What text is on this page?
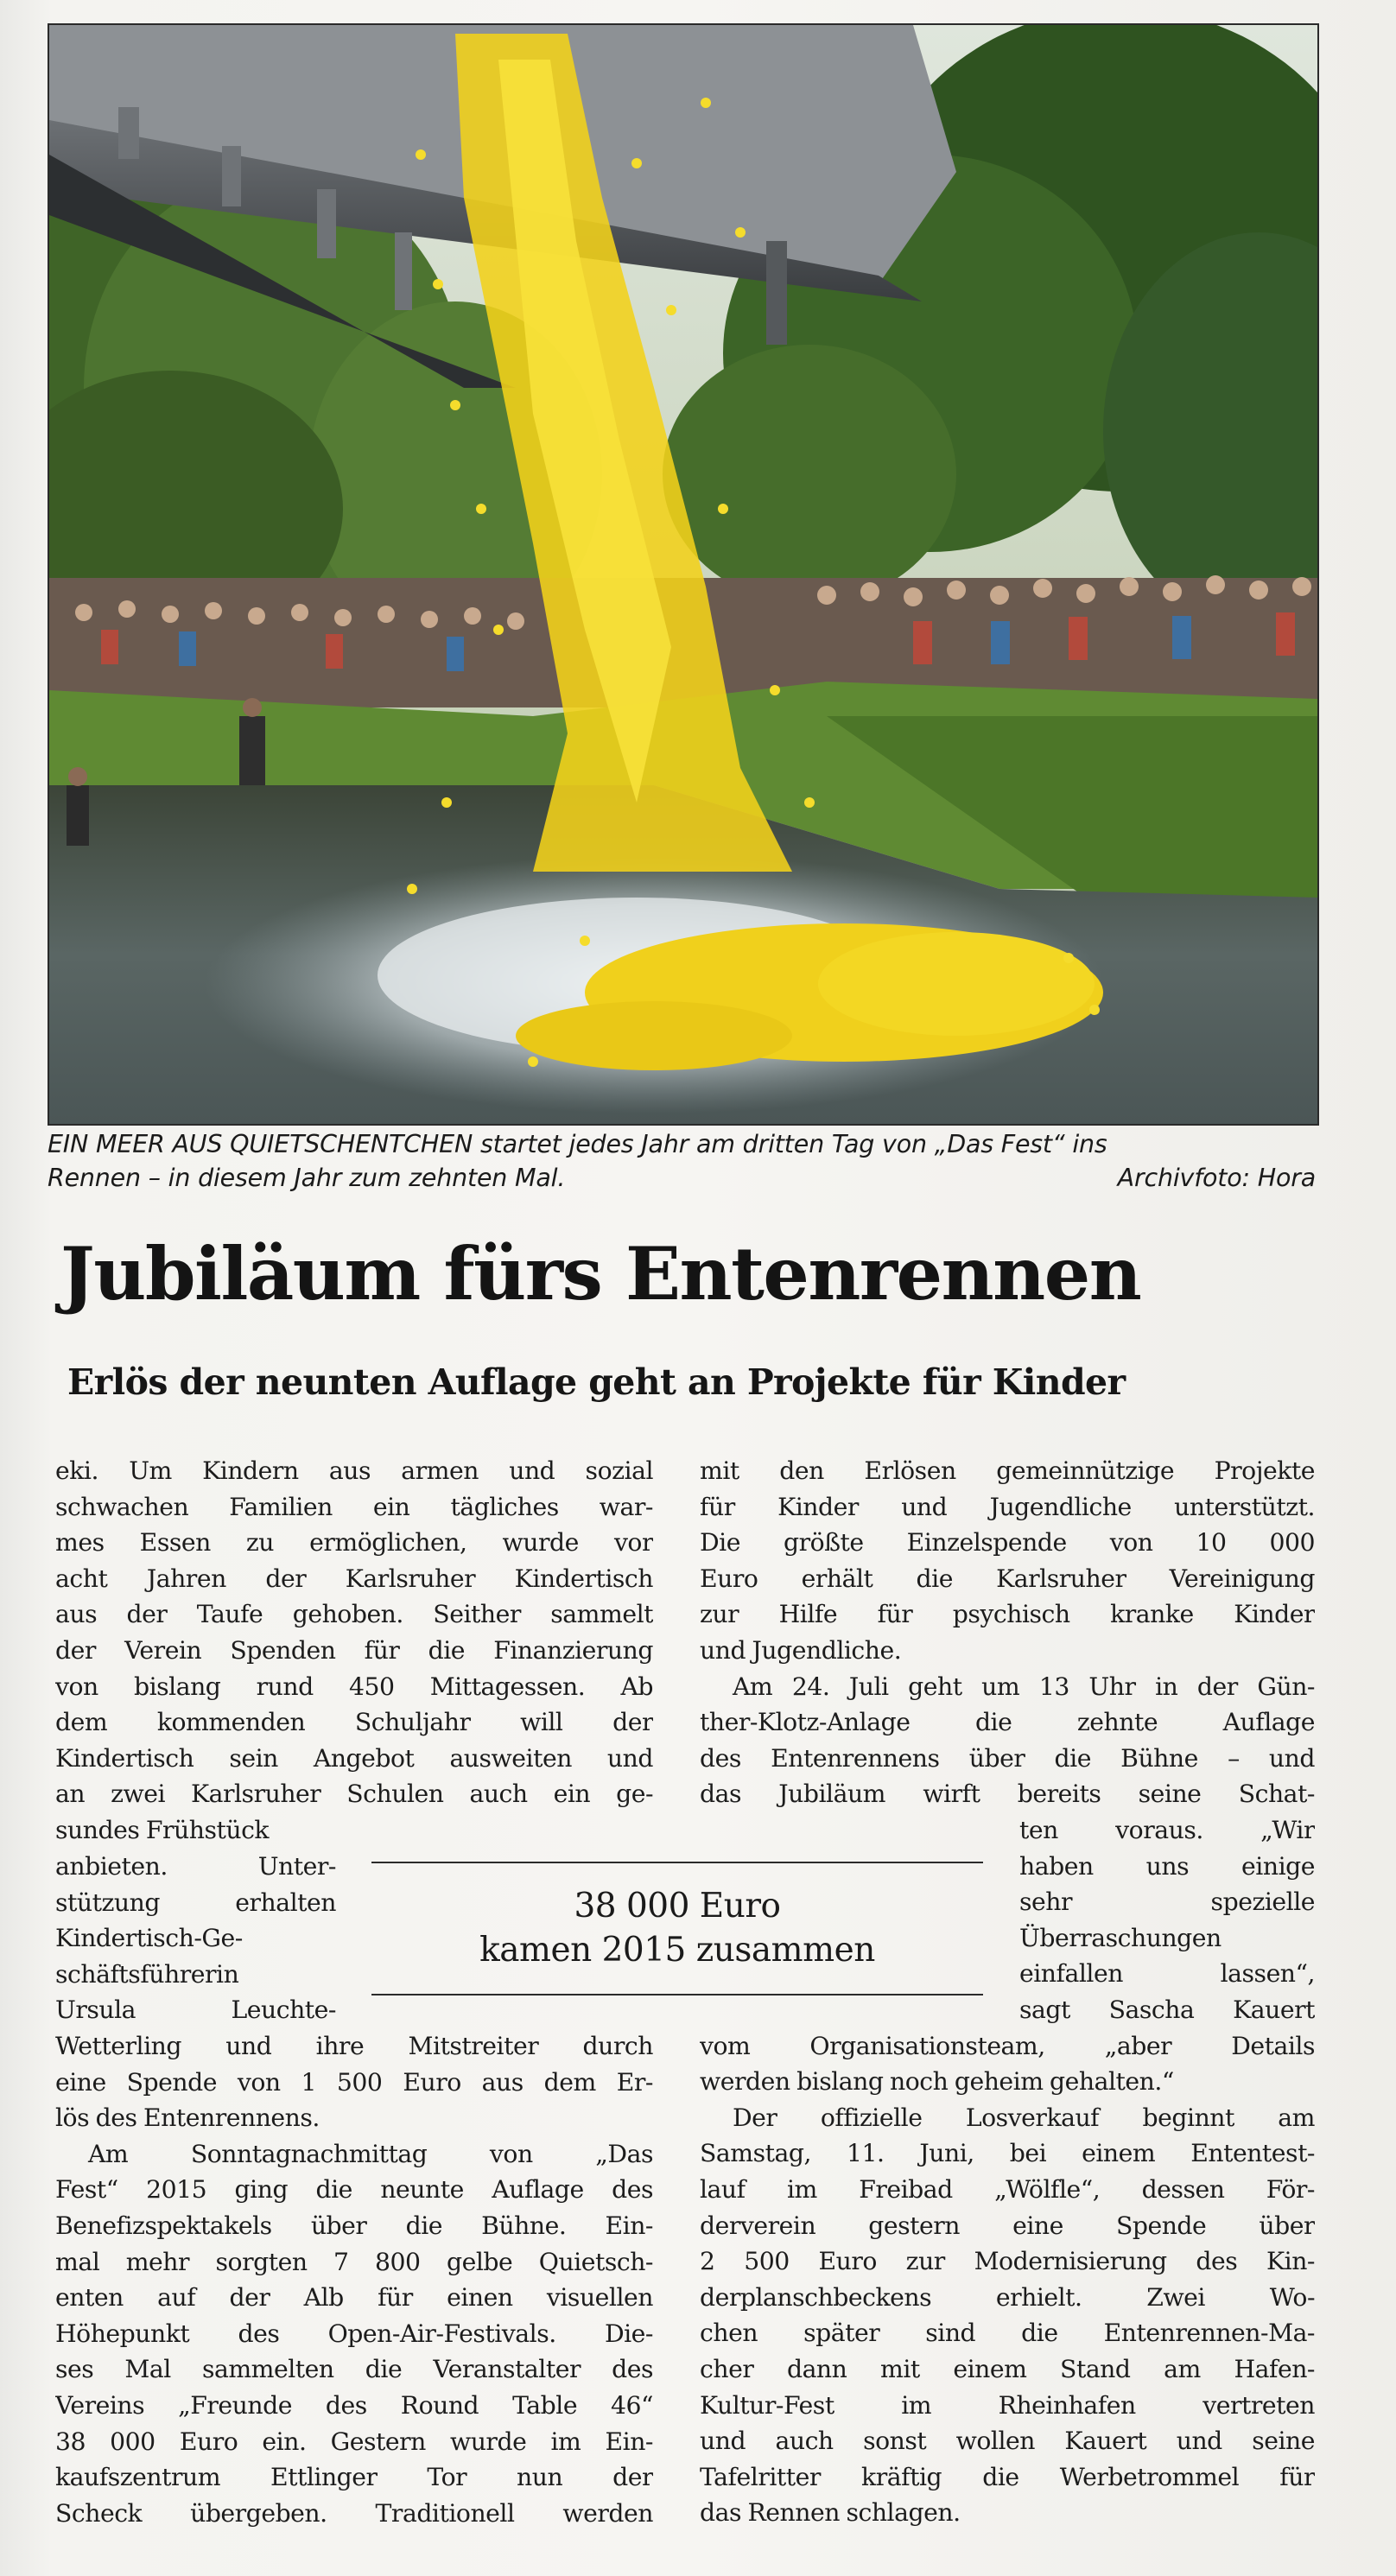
EIN MEER AUS QUIETSCHENTCHEN startet jedes Jahr am dritten Tag von „Das Fest“ ins
Rennen – in diesem Jahr zum zehnten Mal.	Archivfoto: Hora
Jubiläum fürs Entenrennen
Erlös der neunten Auflage geht an Projekte für Kinder
eki. Um Kindern aus armen und sozial
schwachen Familien ein tägliches war-
mes Essen zu ermöglichen, wurde vor
acht Jahren der Karlsruher Kindertisch
aus der Taufe gehoben. Seither sammelt
der Verein Spenden für die Finanzierung
von bislang rund 450 Mittagessen. Ab
dem kommenden Schuljahr will der
Kindertisch sein Angebot ausweiten und
an zwei Karlsruher Schulen auch ein ge-
sundes Frühstück
anbieten. Unter-
stützung erhalten
Kindertisch-Ge-
schäftsführerin
Ursula Leuchte-
Wetterling und ihre Mitstreiter durch
eine Spende von 1 500 Euro aus dem Er-
lös des Entenrennens.
Am Sonntagnachmittag von „Das
Fest“ 2015 ging die neunte Auflage des
Benefizspektakels über die Bühne. Ein-
mal mehr sorgten 7 800 gelbe Quietsch-
enten auf der Alb für einen visuellen
Höhepunkt des Open-Air-Festivals. Die-
ses Mal sammelten die Veranstalter des
Vereins „Freunde des Round Table 46“
38 000 Euro ein. Gestern wurde im Ein-
kaufszentrum Ettlinger Tor nun der
Scheck übergeben. Traditionell werden
mit den Erlösen gemeinnützige Projekte
für Kinder und Jugendliche unterstützt.
Die größte Einzelspende von 10 000
Euro erhält die Karlsruher Vereinigung
zur Hilfe für psychisch kranke Kinder
und Jugendliche.
Am 24. Juli geht um 13 Uhr in der Gün-
ther-Klotz-Anlage die zehnte Auflage
des Entenrennens über die Bühne – und
das Jubiläum wirft bereits seine Schat-
ten voraus. „Wir
haben uns einige
sehr spezielle
Überraschungen
einfallen lassen“,
sagt Sascha Kauert
vom Organisationsteam, „aber Details
werden bislang noch geheim gehalten.“
Der offizielle Losverkauf beginnt am
Samstag, 11. Juni, bei einem Ententest-
lauf im Freibad „Wölfle“, dessen För-
derverein gestern eine Spende über
2 500 Euro zur Modernisierung des Kin-
derplanschbeckens erhielt. Zwei Wo-
chen später sind die Entenrennen-Ma-
cher dann mit einem Stand am Hafen-
Kultur-Fest im Rheinhafen vertreten
und auch sonst wollen Kauert und seine
Tafelritter kräftig die Werbetrommel für
das Rennen schlagen.
38 000 Euro
kamen 2015 zusammen
